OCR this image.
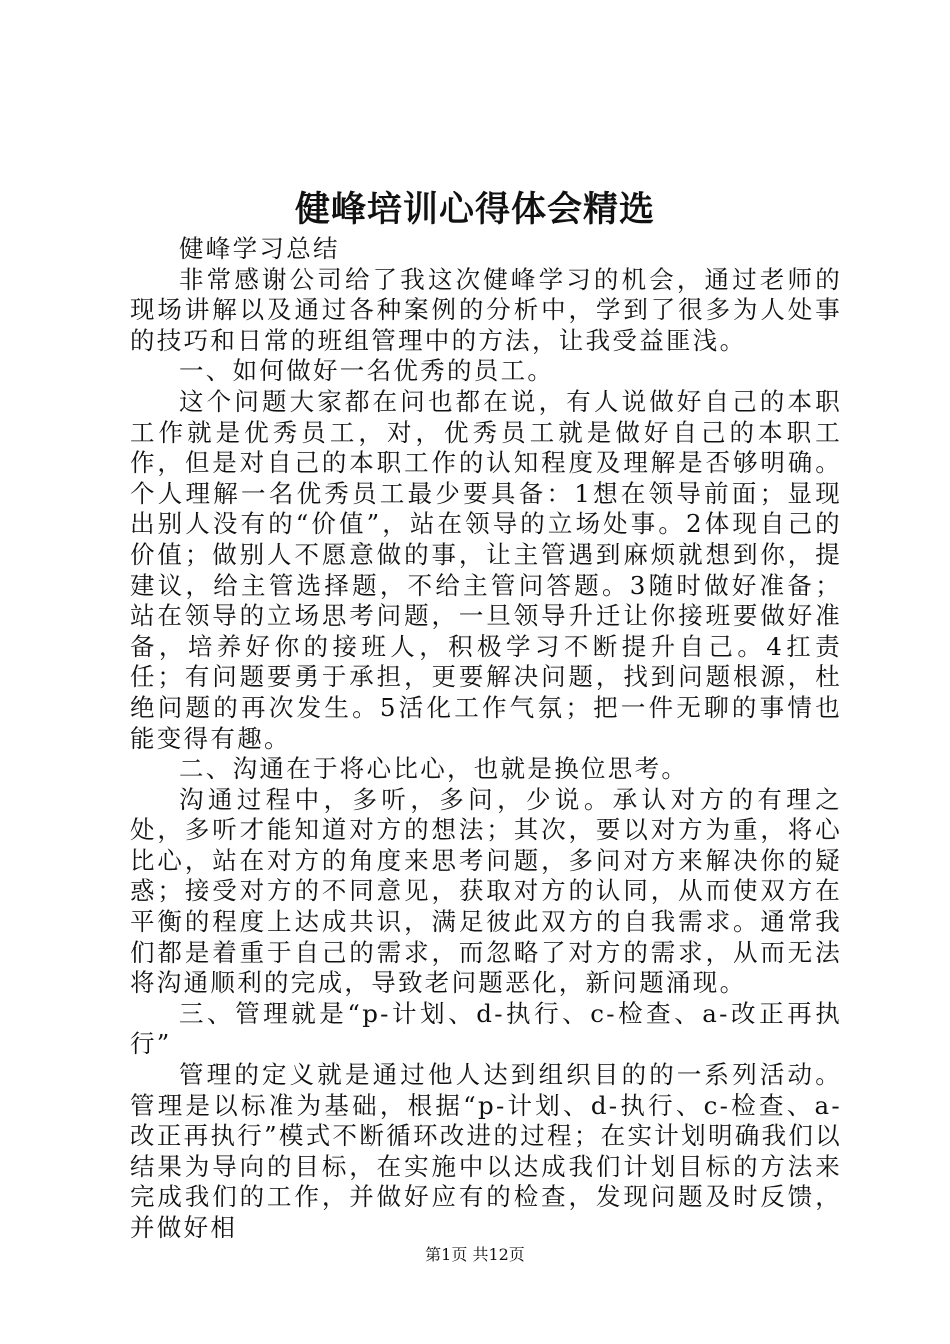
健峰培训心得体会精选

健峰学习总结

非常感谢公司给了我这次健峰学习的机会，通过老师的现场讲解以及通过各种案例的分析中，学到了很多为人处事的技巧和日常的班组管理中的方法，让我受益匪浅。

一、如何做好一名优秀的员工。

这个问题大家都在问也都在说，有人说做好自己的本职工作就是优秀员工，对，优秀员工就是做好自己的本职工作，但是对自己的本职工作的认知程度及理解是否够明确。个人理解一名优秀员工最少要具备：1想在领导前面；显现出别人没有的“价值”，站在领导的立场处事。2体现自己的价值；做别人不愿意做的事，让主管遇到麻烦就想到你，提建议，给主管选择题，不给主管问答题。3随时做好准备；站在领导的立场思考问题，一旦领导升迁让你接班要做好准备，培养好你的接班人，积极学习不断提升自己。4扛责任；有问题要勇于承担，更要解决问题，找到问题根源，杜绝问题的再次发生。5活化工作气氛；把一件无聊的事情也能变得有趣。

二、沟通在于将心比心，也就是换位思考。

沟通过程中，多听，多问，少说。承认对方的有理之处，多听才能知道对方的想法；其次，要以对方为重，将心比心，站在对方的角度来思考问题，多问对方来解决你的疑惑；接受对方的不同意见，获取对方的认同，从而使双方在平衡的程度上达成共识，满足彼此双方的自我需求。通常我们都是着重于自己的需求，而忽略了对方的需求，从而无法将沟通顺利的完成，导致老问题恶化，新问题涌现。

三、管理就是“p-计划、d-执行、c-检查、a-改正再执行”

管理的定义就是通过他人达到组织目的的一系列活动。管理是以标准为基础，根据“p-计划、d-执行、c-检查、a-改正再执行”模式不断循环改进的过程；在实计划明确我们以结果为导向的目标，在实施中以达成我们计划目标的方法来完成我们的工作，并做好应有的检查，发现问题及时反馈，并做好相

第1页 共12页
